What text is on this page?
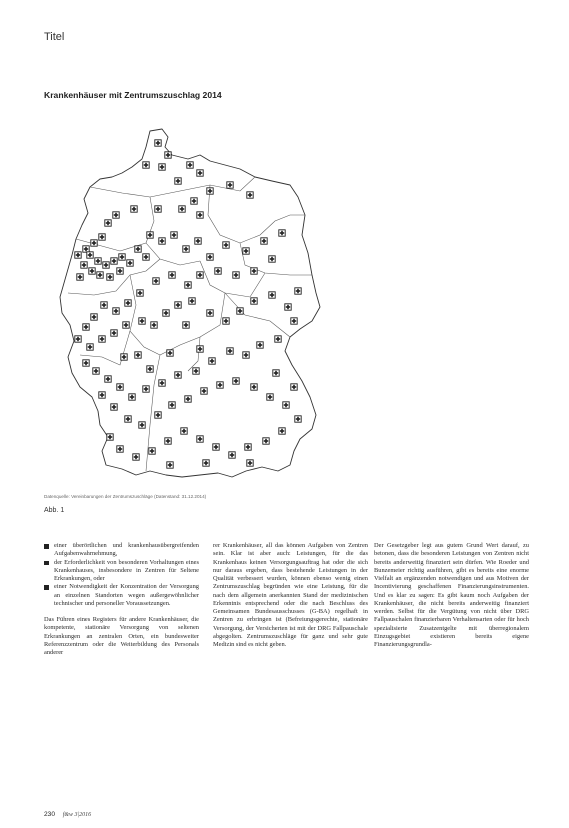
Titel
Krankenhäuser mit Zentrumszuschlag 2014
Datenquelle: Vereinbarungen der Zentrumszuschläge (Datenstand: 31.12.2014)
Abb. 1
einer überörtlichen und krankenhausübergreifenden Aufgabenwahrnehmung,
der Erforderlichkeit von besonderen Vorhaltungen eines Krankenhauses, insbesondere in Zentren für Seltene Erkrankungen, oder
einer Notwendigkeit der Konzentration der Versorgung an einzelnen Standorten wegen außergewöhnlicher technischer und personeller Voraussetzungen.

Das Führen eines Registers für andere Krankenhäuser, die kompetente, stationäre Versorgung von seltenen Erkrankungen an zentralen Orten, ein bundesweiter Referenzzentrum oder die Weiterbildung des Personals anderer

rer Krankenhäuser, all das können Aufgaben von Zentren sein. Klar ist aber auch: Leistungen, für die das Krankenhaus keinen Versorgungsauftrag hat oder die sich nur daraus ergeben, dass bestehende Leistungen in der Qualität verbessert wurden, können ebenso wenig einen Zentrumszuschlag begründen wie eine Leistung, für die nach dem allgemein anerkannten Stand der medizinischen Erkenntnis entsprechend oder die nach Beschluss des Gemeinsamen Bundesausschusses (G-BA) regelhaft in Zentren zu erbringen ist (Befreiungsgerechte, stationäre Versorgung, der Versicherten ist mit der DRG Fallpauschale abgegolten. Zentrumszuschläge für ganz und sehr gute Medizin sind es nicht geben.

Der Gesetzgeber legt aus gutem Grund Wert darauf, zu betonen, dass die besonderen Leistungen von Zentren nicht bereits anderweitig finanziert sein dürfen. Wie Roeder und Bunzemeier richtig ausführen, gibt es bereits eine enorme Vielfalt an ergänzenden notwendigen und aus Motiven der Incentivierung geschaffenen Finanzierungsinstrumenten. Und es klar zu sagen: Es gibt kaum noch Aufgaben der Krankenhäuser, die nicht bereits anderweitig finanziert werden. Selbst für die Vergütung von nicht über DRG Fallpauschalen finanzierbaren Verhaltensarten oder für hoch spezialisierte Zusatzentgelte mit überregionalem Einzugsgebiet existieren bereits eigene Finanzierungsgrundla-

230 f&w 3|2016
